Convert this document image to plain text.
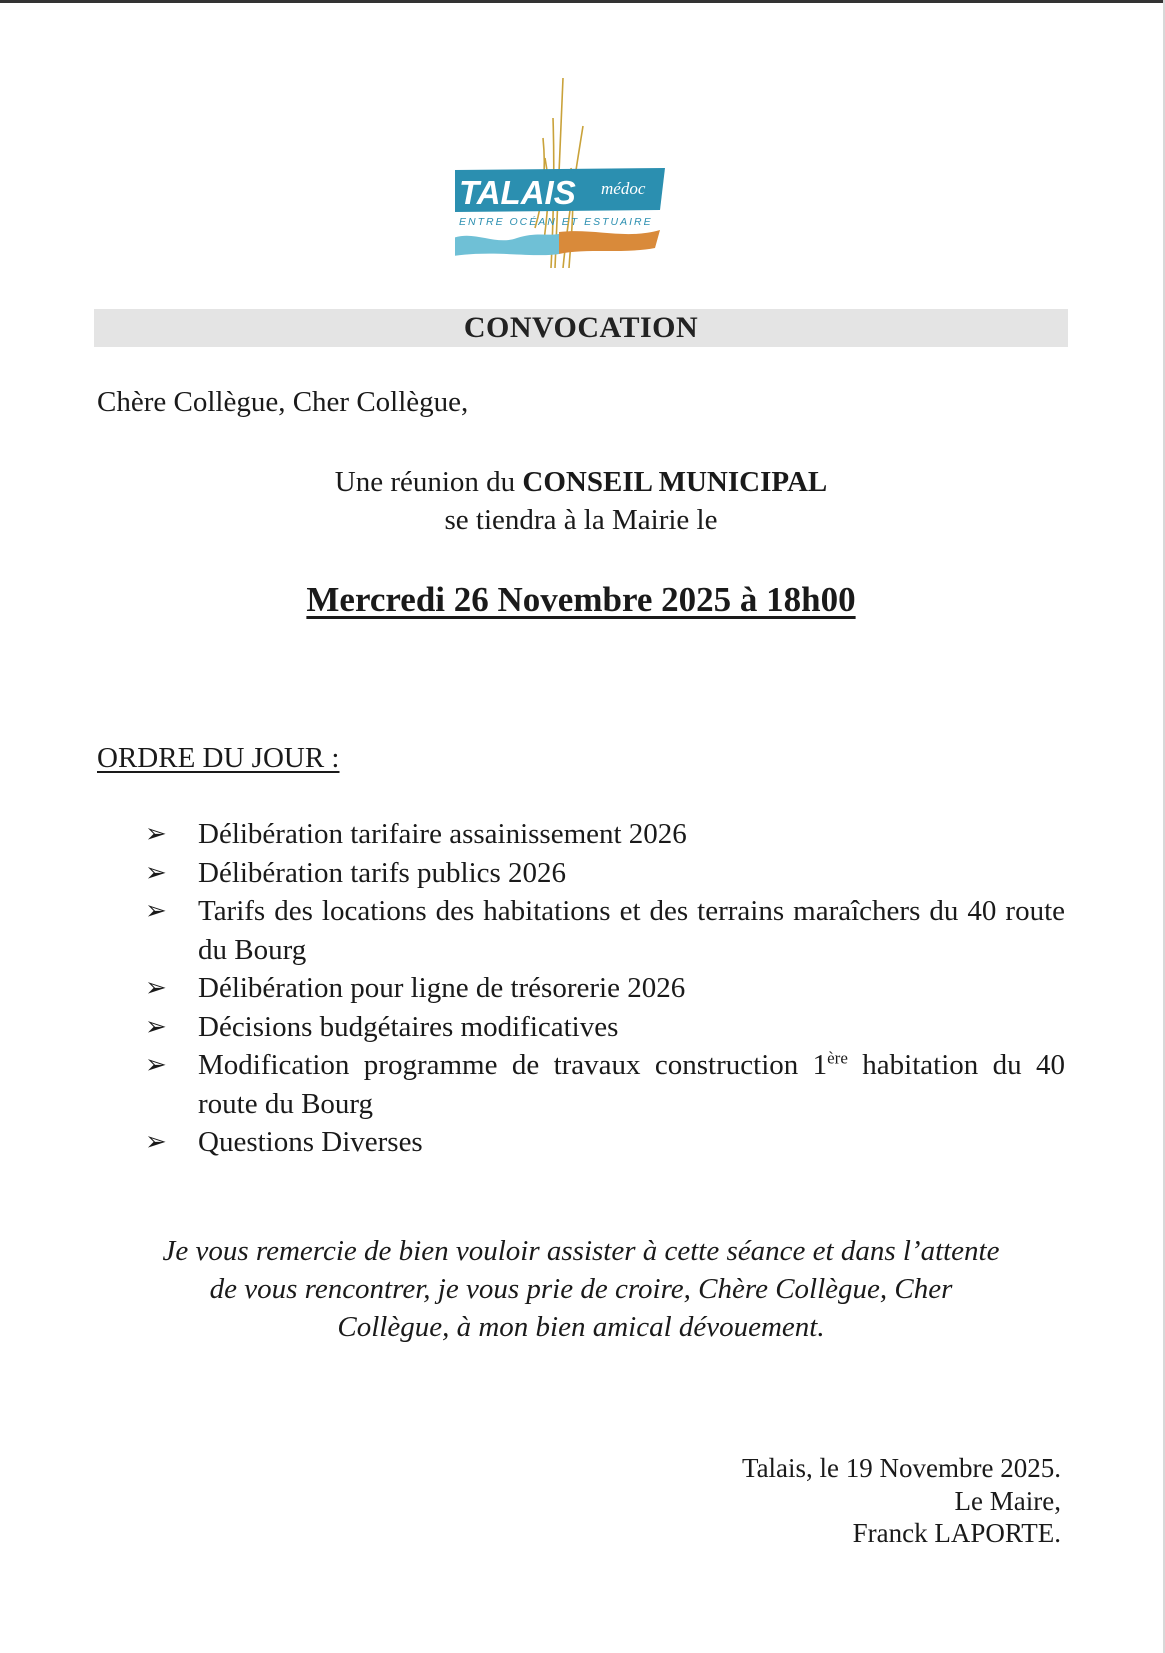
TALAIS médoc
ENTRE OCÉAN ET ESTUAIRE
CONVOCATION
Chère Collègue, Cher Collègue,
Une réunion du CONSEIL MUNICIPAL
se tiendra à la Mairie le
Mercredi 26 Novembre 2025 à 18h00
ORDRE DU JOUR :
➢ Délibération tarifaire assainissement 2026
➢ Délibération tarifs publics 2026
➢ Tarifs des locations des habitations et des terrains maraîchers du 40 route du Bourg
➢ Délibération pour ligne de trésorerie 2026
➢ Décisions budgétaires modificatives
➢ Modification programme de travaux construction 1ère habitation du 40 route du Bourg
➢ Questions Diverses
Je vous remercie de bien vouloir assister à cette séance et dans l’attente
de vous rencontrer, je vous prie de croire, Chère Collègue, Cher
Collègue, à mon bien amical dévouement.
Talais, le 19 Novembre 2025.
Le Maire,
Franck LAPORTE.
